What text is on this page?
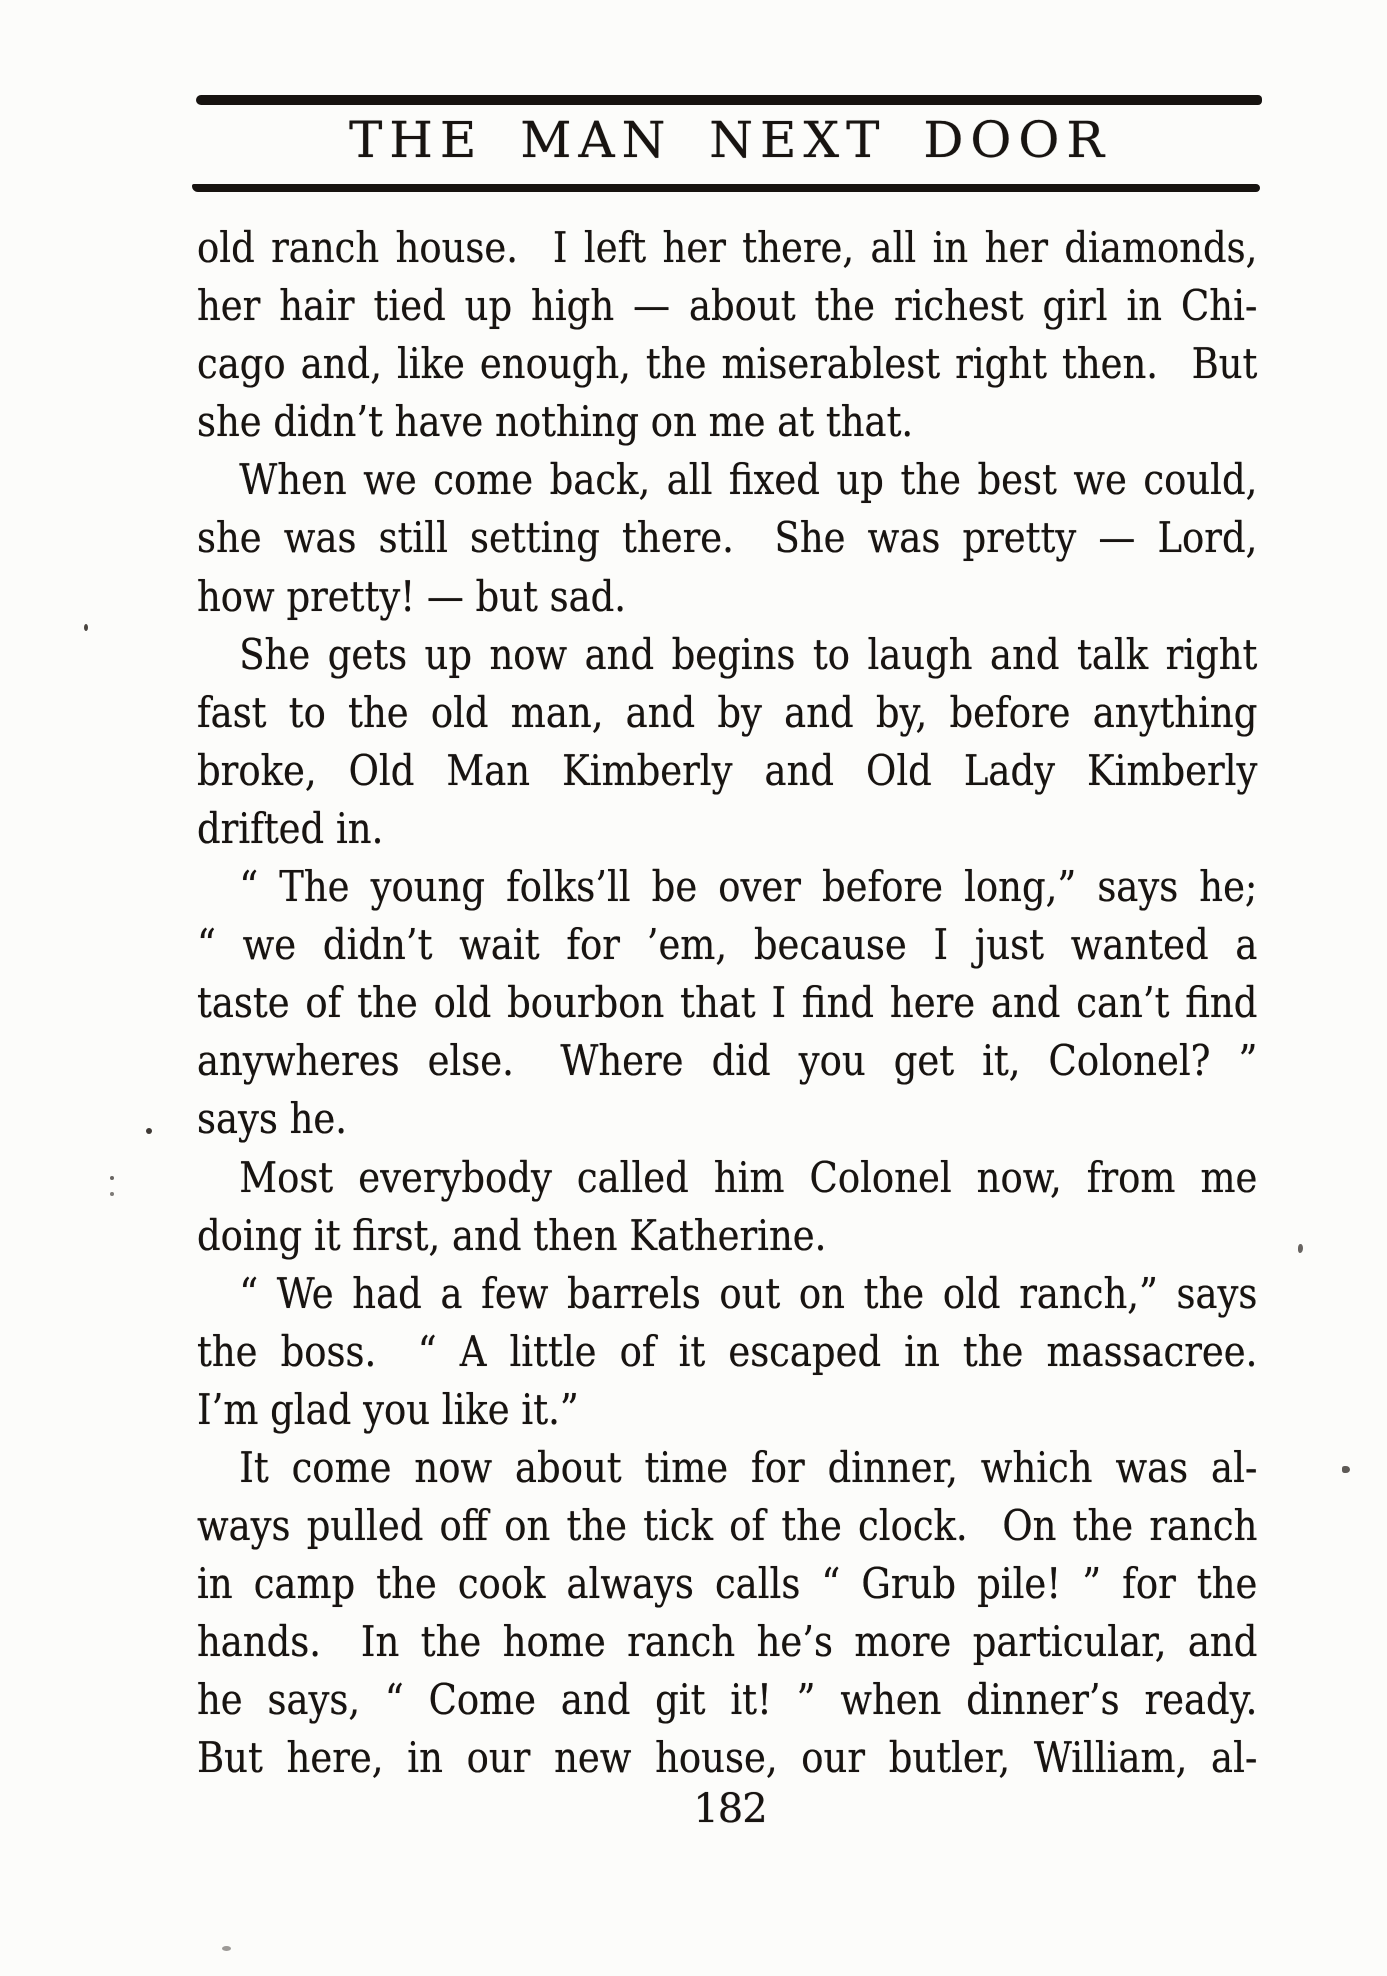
THE MAN NEXT DOOR
old ranch house.  I left her there, all in her diamonds,
her hair tied up high — about the richest girl in Chi-
cago and, like enough, the miserablest right then.  But
she didn’t have nothing on me at that.
When we come back, all fixed up the best we could,
she was still setting there.  She was pretty — Lord,
how pretty! — but sad.
She gets up now and begins to laugh and talk right
fast to the old man, and by and by, before anything
broke, Old Man Kimberly and Old Lady Kimberly
drifted in.
“ The young folks’ll be over before long,” says he;
“ we didn’t wait for ’em, because I just wanted a
taste of the old bourbon that I find here and can’t find
anywheres else.  Where did you get it, Colonel? ”
says he.
Most everybody called him Colonel now, from me
doing it first, and then Katherine.
“ We had a few barrels out on the old ranch,” says
the boss.  “ A little of it escaped in the massacree.
I’m glad you like it.”
It come now about time for dinner, which was al-
ways pulled off on the tick of the clock.  On the ranch
in camp the cook always calls “ Grub pile! ” for the
hands.  In the home ranch he’s more particular, and
he says, “ Come and git it! ” when dinner’s ready.
But here, in our new house, our butler, William, al-
182
